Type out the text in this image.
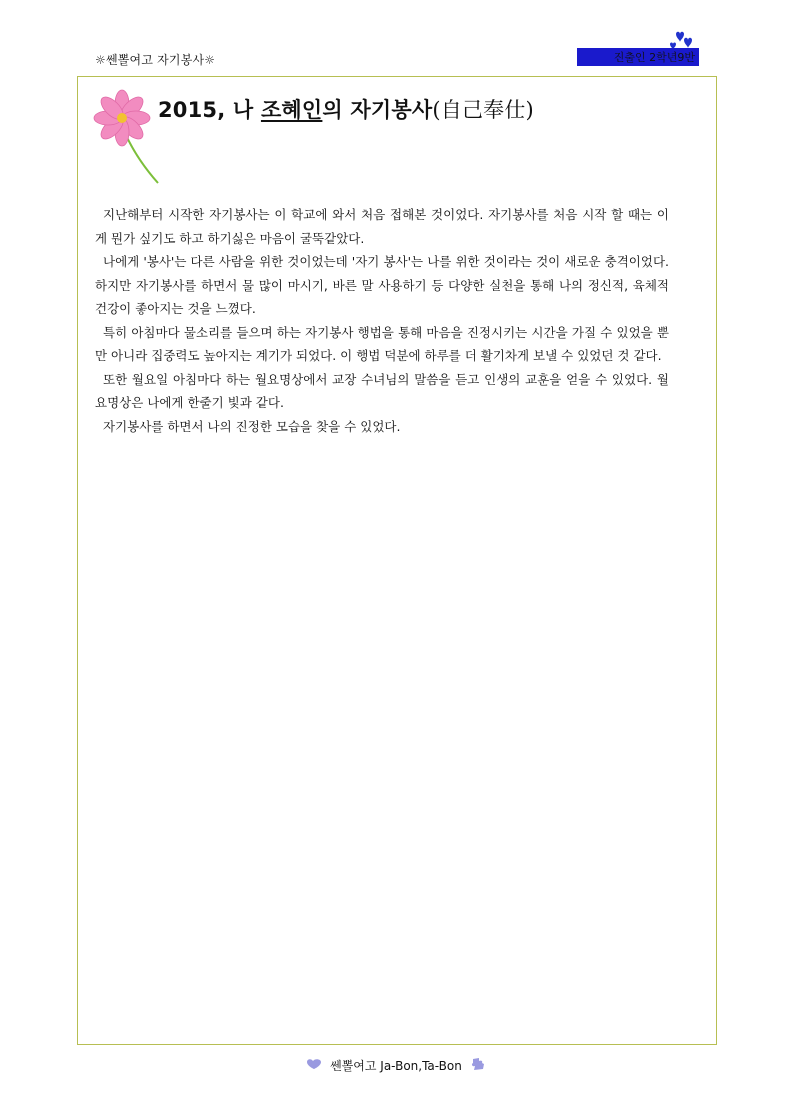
☼쎈뽈여고 자기봉사☼	진출인 2학년9반
2015, 나 조혜인의 자기봉사(自己奉仕)

지난해부터 시작한 자기봉사는 이 학교에 와서 처음 접해본 것이었다. 자기봉사를 처음 시작 할 때는 이게 뭔가 싶기도 하고 하기싫은 마음이 굴뚝같았다.

나에게 '봉사'는 다른 사람을 위한 것이었는데 '자기 봉사'는 나를 위한 것이라는 것이 새로운 충격이었다. 하지만 자기봉사를 하면서 물 많이 마시기, 바른 말 사용하기 등 다양한 실천을 통해 나의 정신적, 육체적 건강이 좋아지는 것을 느꼈다.

특히 아침마다 물소리를 들으며 하는 자기봉사 행법을 통해 마음을 진정시키는 시간을 가질 수 있었을 뿐만 아니라 집중력도 높아지는 계기가 되었다. 이 행법 덕분에 하루를 더 활기차게 보낼 수 있었던 것 같다.

또한 월요일 아침마다 하는 월요명상에서 교장 수녀님의 말씀을 듣고 인생의 교훈을 얻을 수 있었다. 월요명상은 나에게 한줄기 빛과 같다.

자기봉사를 하면서 나의 진정한 모습을 찾을 수 있었다.

쎈뽈여고 Ja-Bon,Ta-Bon
